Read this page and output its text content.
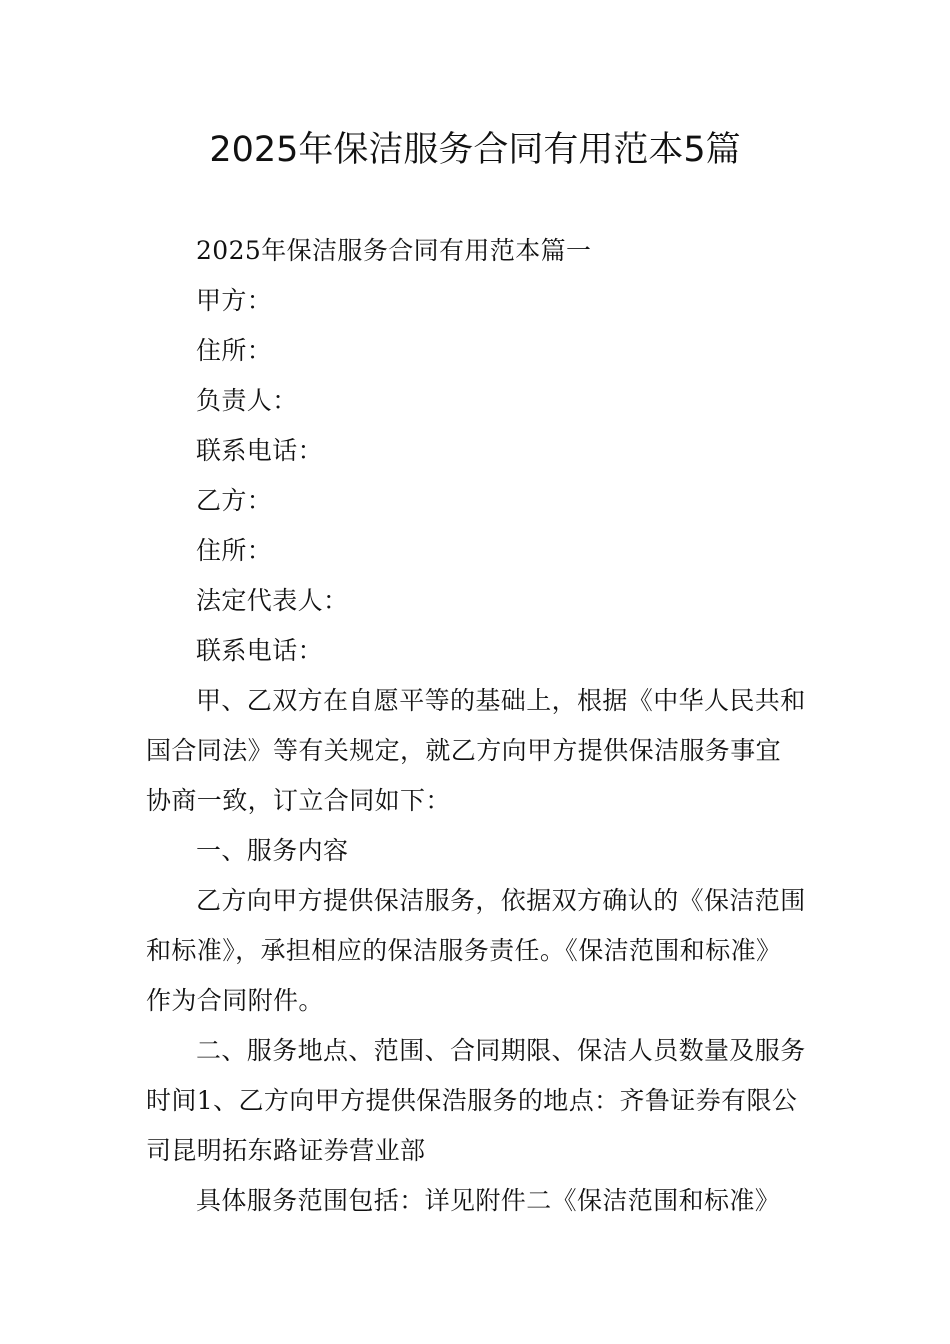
2025年保洁服务合同有用范本5篇

2025年保洁服务合同有用范本篇一

甲方：

住所：

负责人：

联系电话：

乙方：

住所：

法定代表人：

联系电话：

甲、乙双方在自愿平等的基础上，根据《中华人民共和国合同法》等有关规定，就乙方向甲方提供保洁服务事宜协商一致，订立合同如下：

一、服务内容

乙方向甲方提供保洁服务，依据双方确认的《保洁范围和标准》，承担相应的保洁服务责任。《保洁范围和标准》作为合同附件。

二、服务地点、范围、合同期限、保洁人员数量及服务时间1、乙方向甲方提供保浩服务的地点：齐鲁证券有限公司昆明拓东路证券营业部

具体服务范围包括：详见附件二《保洁范围和标准》
